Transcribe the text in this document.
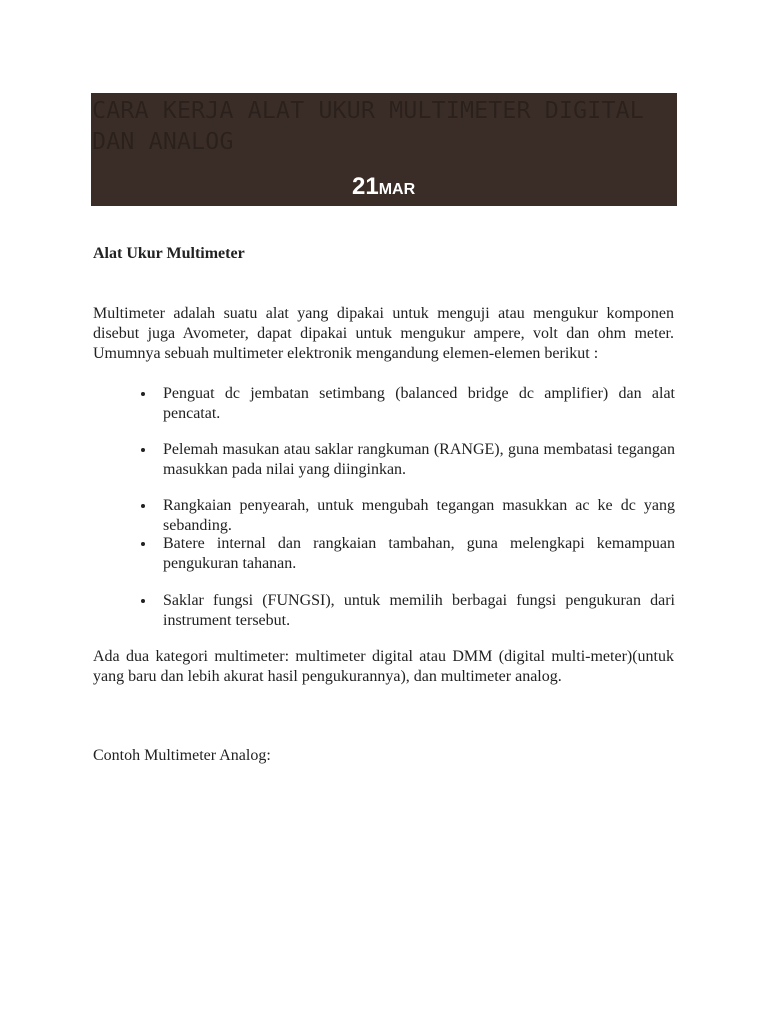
CARA KERJA ALAT UKUR MULTIMETER DIGITAL DAN ANALOG
21MAR

Alat Ukur Multimeter

Multimeter adalah suatu alat yang dipakai untuk menguji atau mengukur komponen disebut juga Avometer, dapat dipakai untuk mengukur ampere, volt dan ohm meter. Umumnya sebuah multimeter elektronik mengandung elemen-elemen berikut :

Penguat dc jembatan setimbang (balanced bridge dc amplifier) dan alat pencatat.
Pelemah masukan atau saklar rangkuman (RANGE), guna membatasi tegangan masukkan pada nilai yang diinginkan.
Rangkaian penyearah, untuk mengubah tegangan masukkan ac ke dc yang sebanding.
Batere internal dan rangkaian tambahan, guna melengkapi kemampuan pengukuran tahanan.
Saklar fungsi (FUNGSI), untuk memilih berbagai fungsi pengukuran dari instrument tersebut.

Ada dua kategori multimeter: multimeter digital atau DMM (digital multi-meter)(untuk yang baru dan lebih akurat hasil pengukurannya), dan multimeter analog.

Contoh Multimeter Analog:
